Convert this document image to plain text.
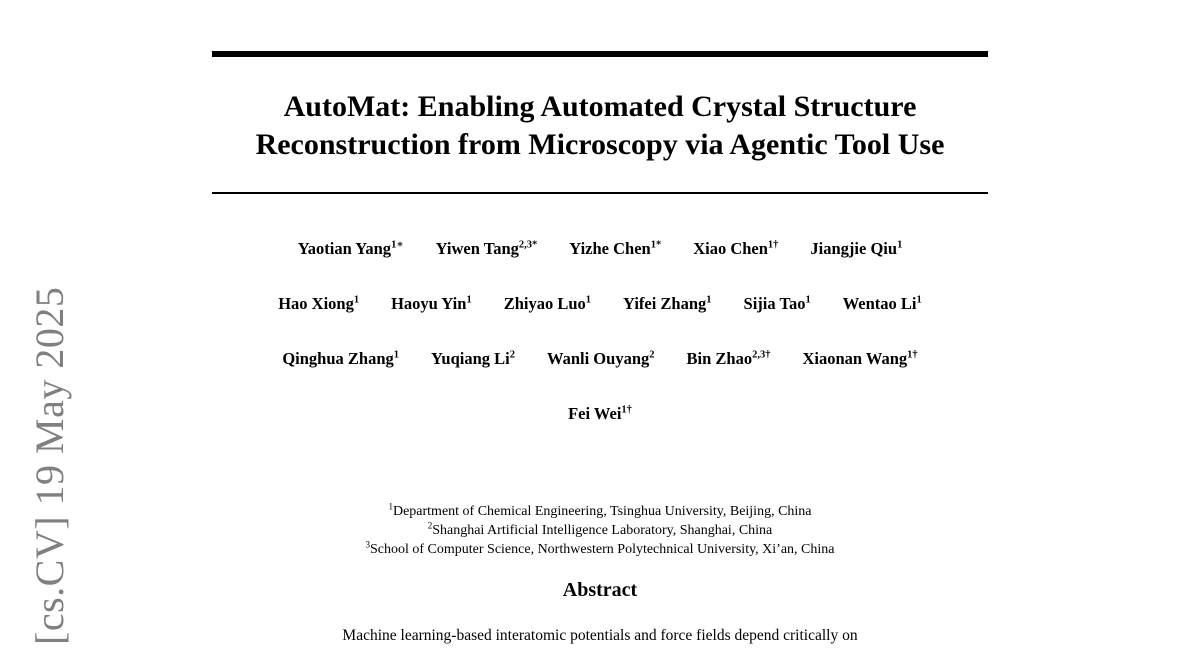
[cs.CV] 19 May 2025
AutoMat: Enabling Automated Crystal Structure
Reconstruction from Microscopy via Agentic Tool Use
Yaotian Yang$^{1∗}$ Yiwen Tang$^{2,3*}$ Yizhe Chen$^{1*}$ Xiao Chen$^{1\dagger}$ Jiangjie Qiu$^1$
Hao Xiong$^1$ Haoyu Yin$^1$ Zhiyao Luo$^1$ Yifei Zhang$^1$ Sijia Tao$^1$ Wentao Li$^1$
Qinghua Zhang$^1$ Yuqiang Li$^2$ Wanli Ouyang$^2$ Bin Zhao$^{2,3\dagger}$ Xiaonan Wang$^{1\dagger}$
Fei Wei$^{1\dagger}$
$^1$Department of Chemical Engineering, Tsinghua University, Beijing, China
$^2$Shanghai Artificial Intelligence Laboratory, Shanghai, China
$^3$School of Computer Science, Northwestern Polytechnical University, Xi’an, China
Abstract
Machine learning-based interatomic potentials and force fields depend critically on
